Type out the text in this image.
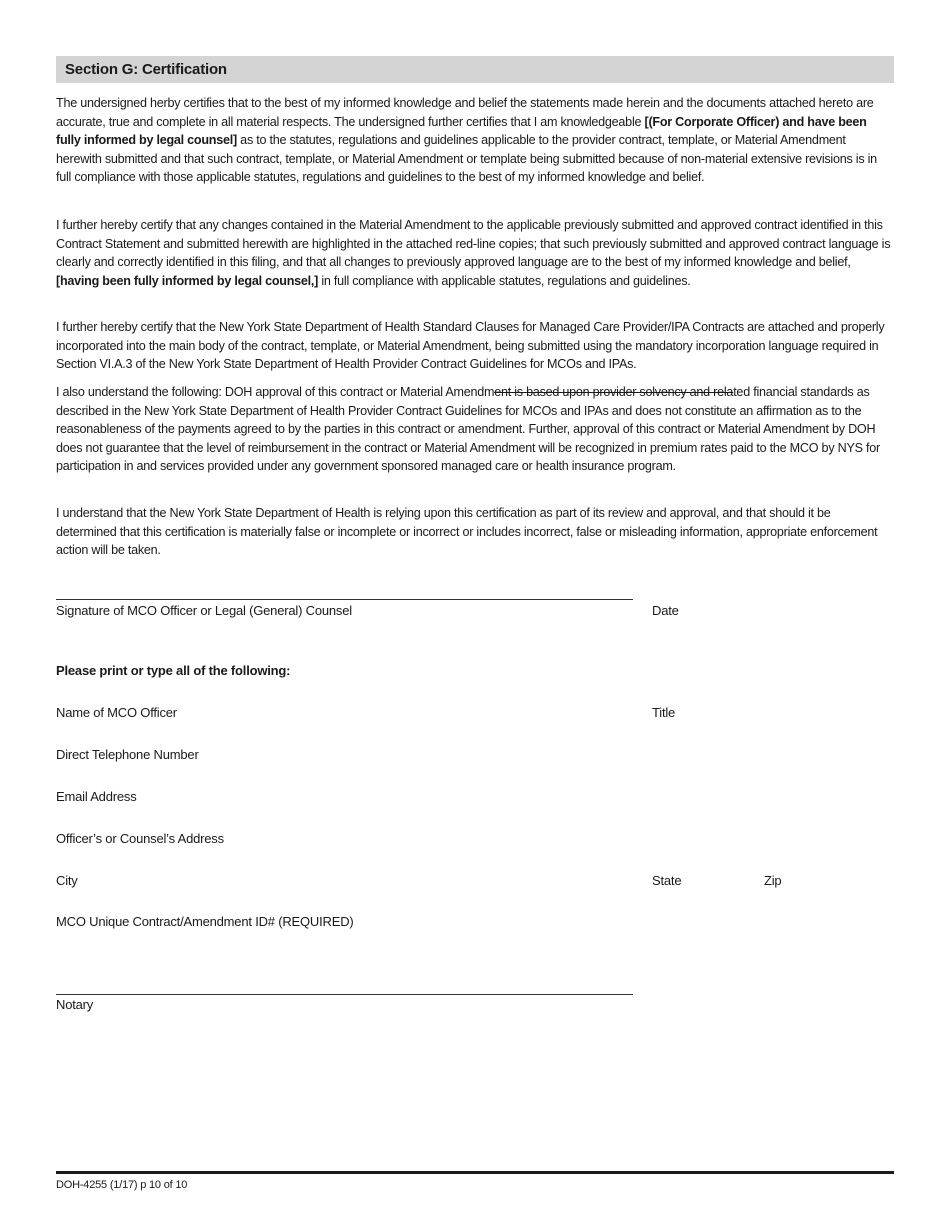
Section G: Certification

The undersigned herby certifies that to the best of my informed knowledge and belief the statements made herein and the documents attached hereto are accurate, true and complete in all material respects. The undersigned further certifies that I am knowledgeable [(For Corporate Officer) and have been fully informed by legal counsel] as to the statutes, regulations and guidelines applicable to the provider contract, template, or Material Amendment herewith submitted and that such contract, template, or Material Amendment or template being submitted because of non-material extensive revisions is in full compliance with those applicable statutes, regulations and guidelines to the best of my informed knowledge and belief.

I further hereby certify that any changes contained in the Material Amendment to the applicable previously submitted and approved contract identified in this Contract Statement and submitted herewith are highlighted in the attached red-line copies; that such previously submitted and approved contract language is clearly and correctly identified in this filing, and that all changes to previously approved language are to the best of my informed knowledge and belief, [having been fully informed by legal counsel,] in full compliance with applicable statutes, regulations and guidelines.

I further hereby certify that the New York State Department of Health Standard Clauses for Managed Care Provider/IPA Contracts are attached and properly incorporated into the main body of the contract, template, or Material Amendment, being submitted using the mandatory incorporation language required in Section VI.A.3 of the New York State Department of Health Provider Contract Guidelines for MCOs and IPAs.

I also understand the following: DOH approval of this contract or Material Amendment is based upon provider solvency and related financial standards as described in the New York State Department of Health Provider Contract Guidelines for MCOs and IPAs and does not constitute an affirmation as to the reasonableness of the payments agreed to by the parties in this contract or amendment. Further, approval of this contract or Material Amendment by DOH does not guarantee that the level of reimbursement in the contract or Material Amendment will be recognized in premium rates paid to the MCO by NYS for participation in and services provided under any government sponsored managed care or health insurance program.

I understand that the New York State Department of Health is relying upon this certification as part of its review and approval, and that should it be determined that this certification is materially false or incomplete or incorrect or includes incorrect, false or misleading information, appropriate enforcement action will be taken.

Signature of MCO Officer or Legal (General) Counsel	Date
Please print or type all of the following:
Name of MCO Officer	Title
Direct Telephone Number
Email Address
Officer’s or Counsel’s Address
City	State	Zip
MCO Unique Contract/Amendment ID# (REQUIRED)
Notary
DOH-4255 (1/17) p 10 of 10
